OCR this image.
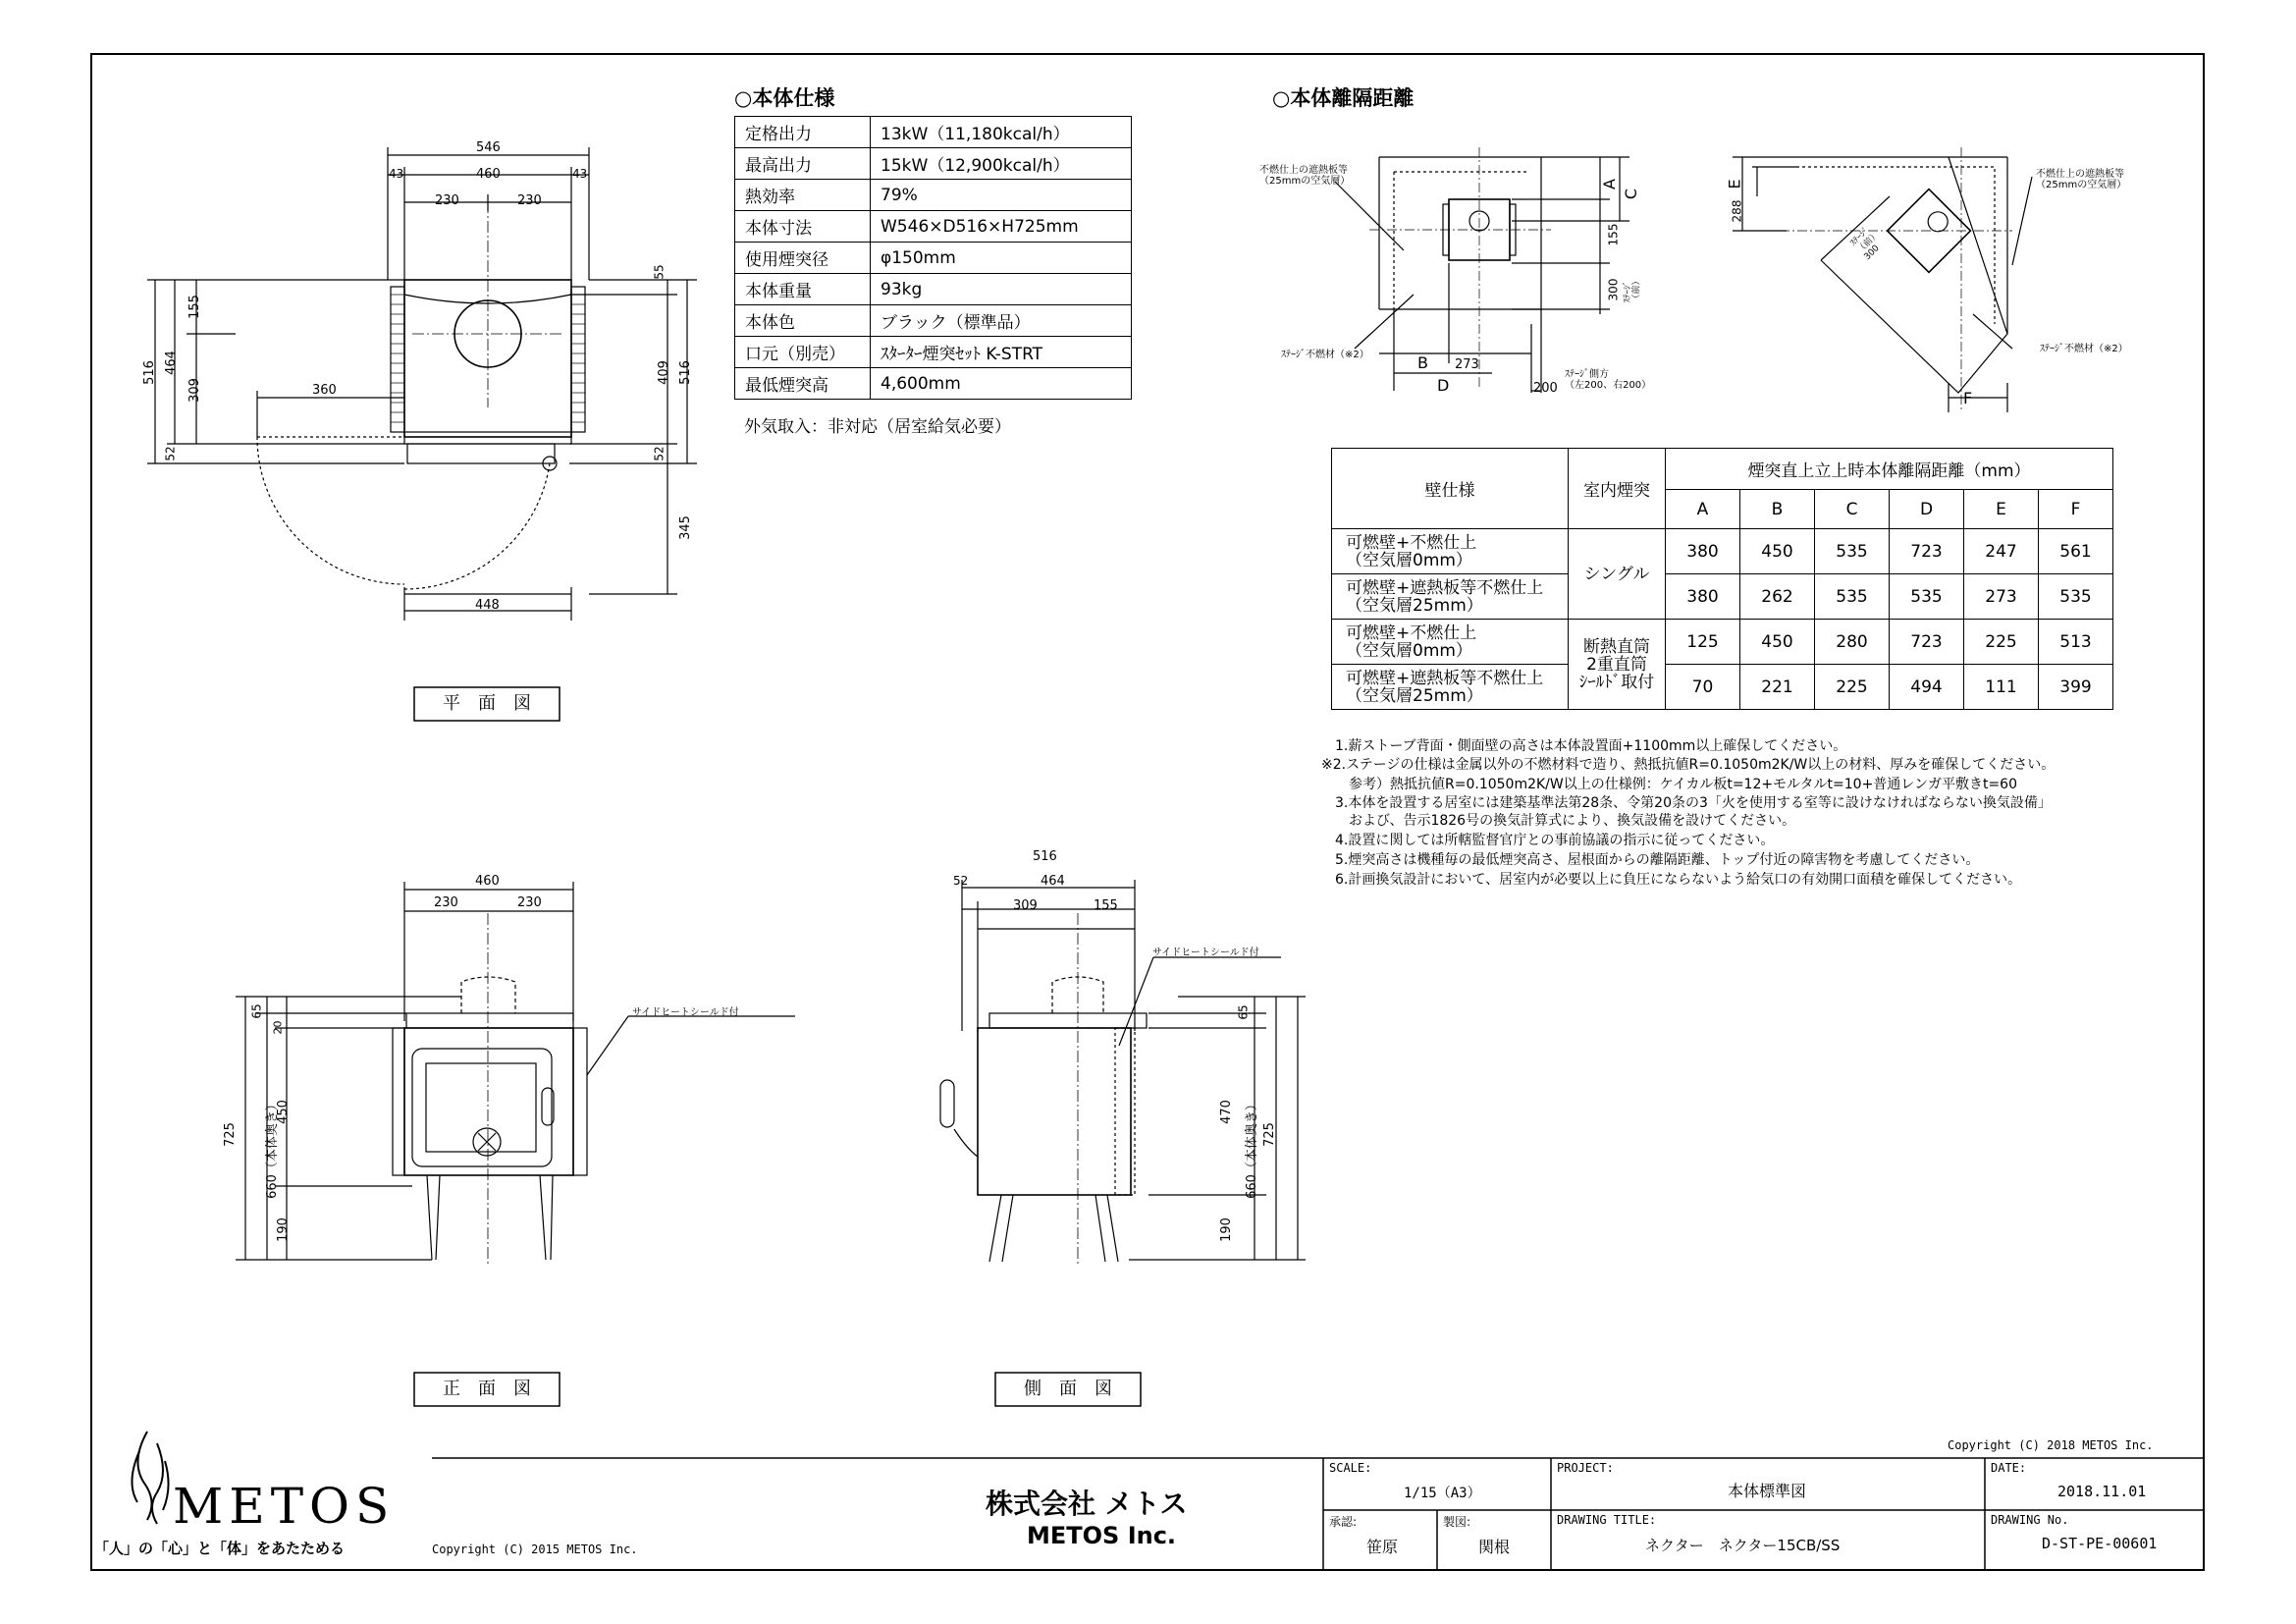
○本体仕様
定格出力	13kW（11,180kcal/h）
最高出力	15kW（12,900kcal/h）
熱効率	79%
本体寸法	W546×D516×H725mm
使用煙突径	φ150mm
本体重量	93kg
本体色	ブラック（標準品）
口元（別売）	ｽﾀｰﾀｰ煙突ｾｯﾄ K-STRT
最低煙突高	4,600mm
外気取入：非対応（居室給気必要）
○本体離隔距離
不燃仕上の遮熱板等
（25mmの空気層）
ｽﾃｰｼﾞ不燃材（※2）
ｽﾃｰｼﾞ側方
（左200、右200）
A
C
155
300 ｽﾃｰｼﾞ
（前）
B 273
D	200
不燃仕上の遮熱板等
（25mmの空気層）
ｽﾃｰｼﾞ不燃材（※2）
ｽﾃｰｼﾞ
（前）
300
E
288
F
壁仕様	室内煙突	煙突直上立上時本体離隔距離（mm）					
		A	B	C	D	E	F
可燃壁+不燃仕上
（空気層0mm）	シングル	380	450	535	723	247	561
可燃壁+遮熱板等不燃仕上
（空気層25mm）		380	262	535	535	273	535
可燃壁+不燃仕上
（空気層0mm）	断熱直筒
2重直筒
ｼｰﾙﾄﾞ取付	125	450	280	723	225	513
可燃壁+遮熱板等不燃仕上
（空気層25mm）		70	221	225	494	111	399
1.薪ストーブ背面・側面壁の高さは本体設置面+1100mm以上確保してください。
※2.ステージの仕様は金属以外の不燃材料で造り、熱抵抗値R=0.1050m2K/W以上の材料、厚みを確保してください。
参考）熱抵抗値R=0.1050m2K/W以上の仕様例：ケイカル板t=12+モルタルt=10+普通レンガ平敷きt=60
3.本体を設置する居室には建築基準法第28条、令第20条の3「火を使用する室等に設けなければならない換気設備」
および、告示1826号の換気計算式により、換気設備を設けてください。
4.設置に関しては所轄監督官庁との事前協議の指示に従ってください。
5.煙突高さは機種毎の最低煙突高さ、屋根面からの離隔距離、トップ付近の障害物を考慮してください。
6.計画換気設計において、居室内が必要以上に負圧にならないよう給気口の有効開口面積を確保してください。
546
43	460	43
230	230
516 464
155
309
52
55
409 516
52
345
360
448
平　面　図
460
230	230
65
20
725
450
660（本体奥き）
190
サイドヒートシールド付
正　面　図
516
52	464
309	155
65
470
725
660（本体奥き）
190
サイドヒートシールド付
側　面　図
METOS
「人」の「心」と「体」をあたためる	Copyright (C) 2015 METOS Inc.
Copyright (C) 2018 METOS Inc.
株式会社 メトス
METOS Inc.
SCALE:
1/15（A3）
PROJECT:
本体標準図
DATE:
2018.11.01
承認:
笹原
製図:
関根
DRAWING TITLE:
ネクター　ネクター15CB/SS
DRAWING No.
D-ST-PE-00601
